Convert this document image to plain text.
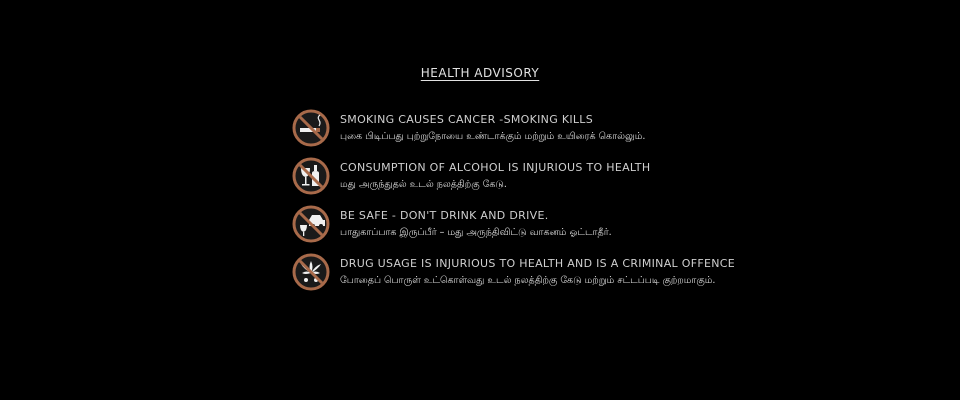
HEALTH ADVISORY
SMOKING CAUSES CANCER -SMOKING KILLS
புகை பிடிப்பது புற்றுநோயை உண்டாக்கும் மற்றும் உயிரைக் கொல்லும்.
CONSUMPTION OF ALCOHOL IS INJURIOUS TO HEALTH
மது அருந்துதல் உடல் நலத்திற்கு கேடு.
BE SAFE - DON'T DRINK AND DRIVE.
பாதுகாப்பாக இருப்பீர் – மது அருந்திவிட்டு வாகனம் ஓட்டாதீர்.
DRUG USAGE IS INJURIOUS TO HEALTH AND IS A CRIMINAL OFFENCE
போதைப் பொருள் உட்கொள்வது உடல் நலத்திற்கு கேடு மற்றும் சட்டப்படி குற்றமாகும்.
